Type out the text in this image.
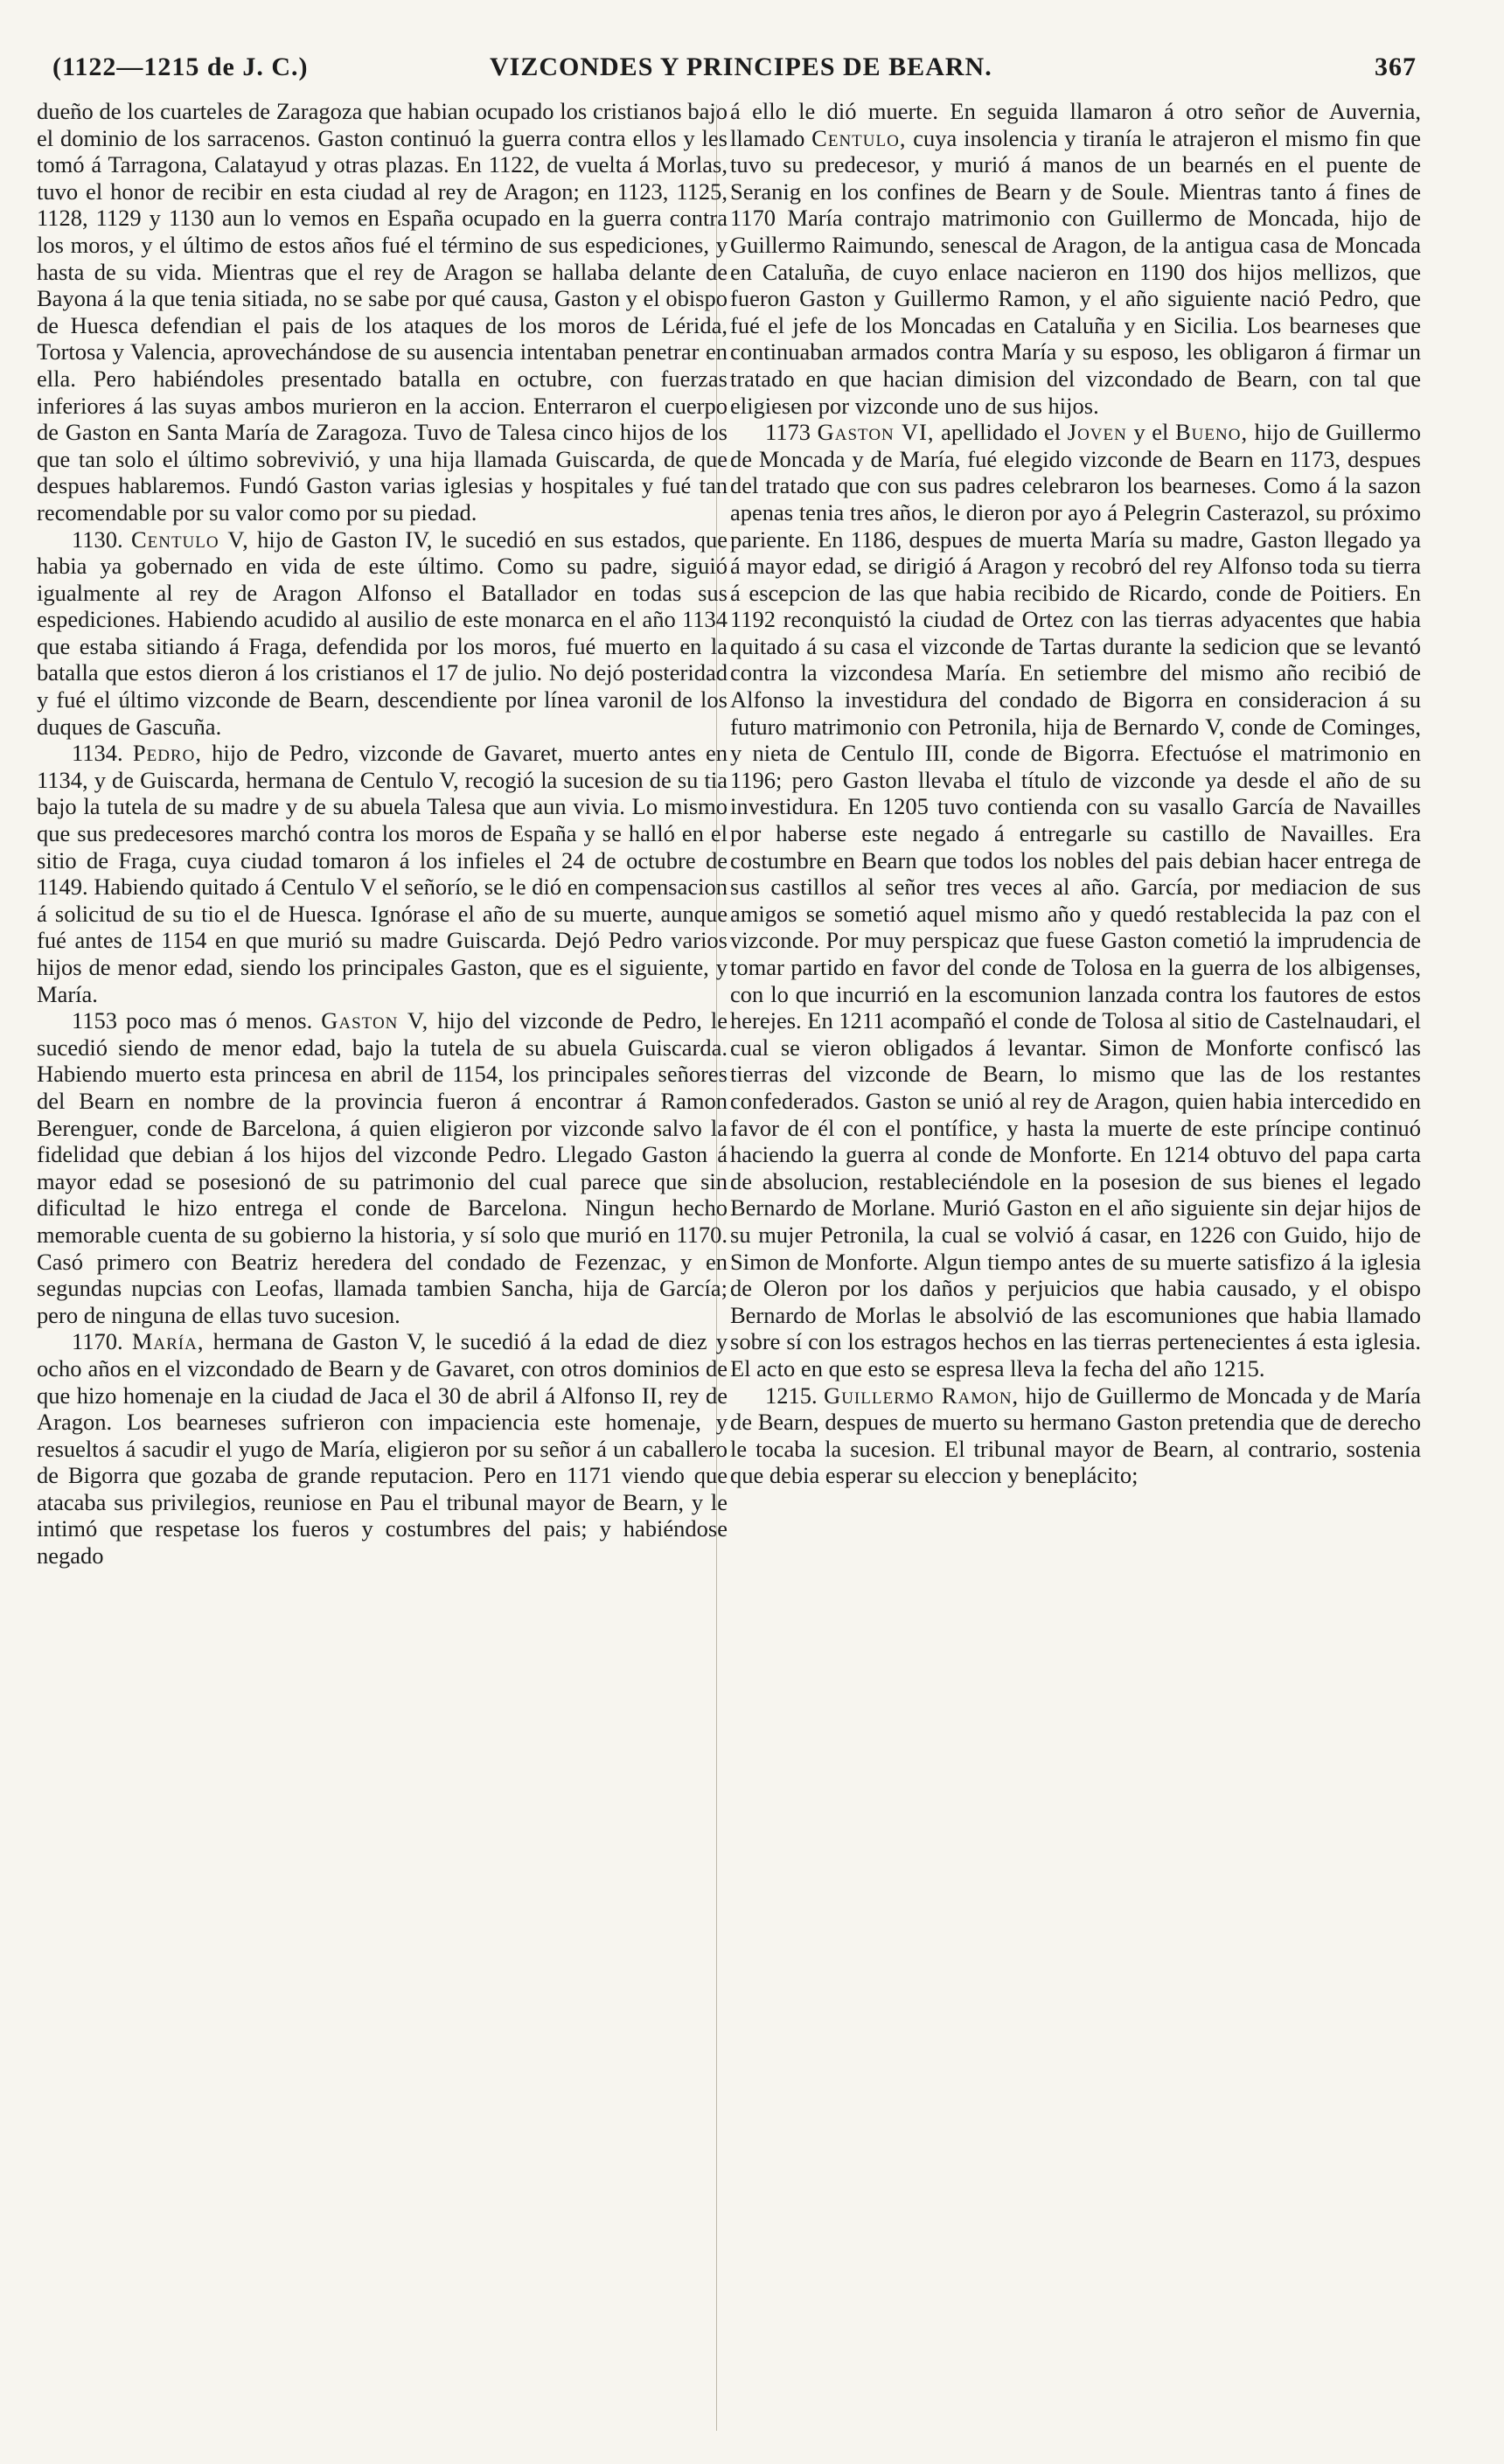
(1122—1215 de J. C.)	VIZCONDES Y PRINCIPES DE BEARN.	367

dueño de los cuarteles de Zaragoza que habian ocupado los cristianos bajo el dominio de los sarracenos. Gaston continuó la guerra contra ellos y les tomó á Tarragona, Calatayud y otras plazas. En 1122, de vuelta á Morlas, tuvo el honor de recibir en esta ciudad al rey de Aragon; en 1123, 1125, 1128, 1129 y 1130 aun lo vemos en España ocupado en la guerra contra los moros, y el último de estos años fué el término de sus espediciones, y hasta de su vida. Mientras que el rey de Aragon se hallaba delante de Bayona á la que tenia sitiada, no se sabe por qué causa, Gaston y el obispo de Huesca defendian el pais de los ataques de los moros de Lérida, Tortosa y Valencia, aprovechándose de su ausencia intentaban penetrar en ella. Pero habiéndoles presentado batalla en octubre, con fuerzas inferiores á las suyas ambos murieron en la accion. Enterraron el cuerpo de Gaston en Santa María de Zaragoza. Tuvo de Talesa cinco hijos de los que tan solo el último sobrevivió, y una hija llamada Guiscarda, de que despues hablaremos. Fundó Gaston varias iglesias y hospitales y fué tan recomendable por su valor como por su piedad.

1130. Centulo V, hijo de Gaston IV, le sucedió en sus estados, que habia ya gobernado en vida de este último. Como su padre, siguió igualmente al rey de Aragon Alfonso el Batallador en todas sus espediciones. Habiendo acudido al ausilio de este monarca en el año 1134 que estaba sitiando á Fraga, defendida por los moros, fué muerto en la batalla que estos dieron á los cristianos el 17 de julio. No dejó posteridad y fué el último vizconde de Bearn, descendiente por línea varonil de los duques de Gascuña.

1134. Pedro, hijo de Pedro, vizconde de Gavaret, muerto antes en 1134, y de Guiscarda, hermana de Centulo V, recogió la sucesion de su tia bajo la tutela de su madre y de su abuela Talesa que aun vivia. Lo mismo que sus predecesores marchó contra los moros de España y se halló en el sitio de Fraga, cuya ciudad tomaron á los infieles el 24 de octubre de 1149. Habiendo quitado á Centulo V el señorío, se le dió en compensacion á solicitud de su tio el de Huesca. Ignórase el año de su muerte, aunque fué antes de 1154 en que murió su madre Guiscarda. Dejó Pedro varios hijos de menor edad, siendo los principales Gaston, que es el siguiente, y María.

1153 poco mas ó menos. Gaston V, hijo del vizconde de Pedro, le sucedió siendo de menor edad, bajo la tutela de su abuela Guiscarda. Habiendo muerto esta princesa en abril de 1154, los principales señores del Bearn en nombre de la provincia fueron á encontrar á Ramon Berenguer, conde de Barcelona, á quien eligieron por vizconde salvo la fidelidad que debian á los hijos del vizconde Pedro. Llegado Gaston á mayor edad se posesionó de su patrimonio del cual parece que sin dificultad le hizo entrega el conde de Barcelona. Ningun hecho memorable cuenta de su gobierno la historia, y sí solo que murió en 1170. Casó primero con Beatriz heredera del condado de Fezenzac, y en segundas nupcias con Leofas, llamada tambien Sancha, hija de García; pero de ninguna de ellas tuvo sucesion.

1170. María, hermana de Gaston V, le sucedió á la edad de diez y ocho años en el vizcondado de Bearn y de Gavaret, con otros dominios de que hizo homenaje en la ciudad de Jaca el 30 de abril á Alfonso II, rey de Aragon. Los bearneses sufrieron con impaciencia este homenaje, y resueltos á sacudir el yugo de María, eligieron por su señor á un caballero de Bigorra que gozaba de grande reputacion. Pero en 1171 viendo que atacaba sus privilegios, reuniose en Pau el tribunal mayor de Bearn, y le intimó que respetase los fueros y costumbres del pais; y habiéndose negado

á ello le dió muerte. En seguida llamaron á otro señor de Auvernia, llamado Centulo, cuya insolencia y tiranía le atrajeron el mismo fin que tuvo su predecesor, y murió á manos de un bearnés en el puente de Seranig en los confines de Bearn y de Soule. Mientras tanto á fines de 1170 María contrajo matrimonio con Guillermo de Moncada, hijo de Guillermo Raimundo, senescal de Aragon, de la antigua casa de Moncada en Cataluña, de cuyo enlace nacieron en 1190 dos hijos mellizos, que fueron Gaston y Guillermo Ramon, y el año siguiente nació Pedro, que fué el jefe de los Moncadas en Cataluña y en Sicilia. Los bearneses que continuaban armados contra María y su esposo, les obligaron á firmar un tratado en que hacian dimision del vizcondado de Bearn, con tal que eligiesen por vizconde uno de sus hijos.

1173 Gaston VI, apellidado el Joven y el Bueno, hijo de Guillermo de Moncada y de María, fué elegido vizconde de Bearn en 1173, despues del tratado que con sus padres celebraron los bearneses. Como á la sazon apenas tenia tres años, le dieron por ayo á Pelegrin Casterazol, su próximo pariente. En 1186, despues de muerta María su madre, Gaston llegado ya á mayor edad, se dirigió á Aragon y recobró del rey Alfonso toda su tierra á escepcion de las que habia recibido de Ricardo, conde de Poitiers. En 1192 reconquistó la ciudad de Ortez con las tierras adyacentes que habia quitado á su casa el vizconde de Tartas durante la sedicion que se levantó contra la vizcondesa María. En setiembre del mismo año recibió de Alfonso la investidura del condado de Bigorra en consideracion á su futuro matrimonio con Petronila, hija de Bernardo V, conde de Cominges, y nieta de Centulo III, conde de Bigorra. Efectuóse el matrimonio en 1196; pero Gaston llevaba el título de vizconde ya desde el año de su investidura. En 1205 tuvo contienda con su vasallo García de Navailles por haberse este negado á entregarle su castillo de Navailles. Era costumbre en Bearn que todos los nobles del pais debian hacer entrega de sus castillos al señor tres veces al año. García, por mediacion de sus amigos se sometió aquel mismo año y quedó restablecida la paz con el vizconde. Por muy perspicaz que fuese Gaston cometió la imprudencia de tomar partido en favor del conde de Tolosa en la guerra de los albigenses, con lo que incurrió en la escomunion lanzada contra los fautores de estos herejes. En 1211 acompañó el conde de Tolosa al sitio de Castelnaudari, el cual se vieron obligados á levantar. Simon de Monforte confiscó las tierras del vizconde de Bearn, lo mismo que las de los restantes confederados. Gaston se unió al rey de Aragon, quien habia intercedido en favor de él con el pontífice, y hasta la muerte de este príncipe continuó haciendo la guerra al conde de Monforte. En 1214 obtuvo del papa carta de absolucion, restableciéndole en la posesion de sus bienes el legado Bernardo de Morlane. Murió Gaston en el año siguiente sin dejar hijos de su mujer Petronila, la cual se volvió á casar, en 1226 con Guido, hijo de Simon de Monforte. Algun tiempo antes de su muerte satisfizo á la iglesia de Oleron por los daños y perjuicios que habia causado, y el obispo Bernardo de Morlas le absolvió de las escomuniones que habia llamado sobre sí con los estragos hechos en las tierras pertenecientes á esta iglesia. El acto en que esto se espresa lleva la fecha del año 1215.

1215. Guillermo Ramon, hijo de Guillermo de Moncada y de María de Bearn, despues de muerto su hermano Gaston pretendia que de derecho le tocaba la sucesion. El tribunal mayor de Bearn, al contrario, sostenia que debia esperar su eleccion y beneplácito;
